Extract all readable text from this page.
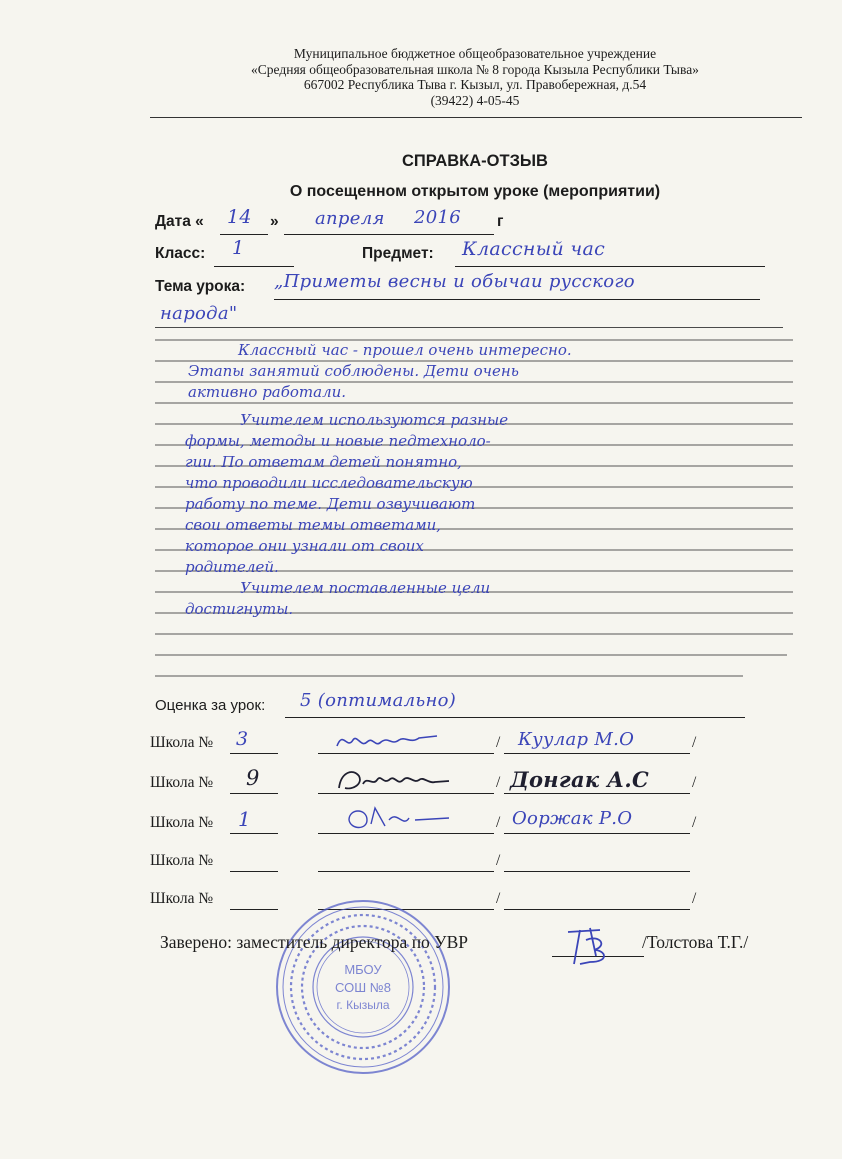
Муниципальное бюджетное общеобразовательное учреждение
«Средняя общеобразовательная школа № 8 города Кызыла Республики Тыва»
667002 Республика Тыва г. Кызыл, ул. Правобережная, д.54
(39422) 4-05-45
СПРАВКА-ОТЗЫВ
О посещенном открытом уроке (мероприятии)
Дата « 14 » апреля 2016 г
Класс: 1	Предмет: Классный час
Тема урока: „Приметы весны и обычаи русского
народа"
Классный час - прошел очень интересно.
Этапы занятий соблюдены. Дети очень
активно работали.
Учителем используются разные
формы, методы и новые педтехноло-
гии. По ответам детей понятно,
что проводили исследовательскую
работу по теме. Дети озвучивают
свои ответы темы ответами,
которое они узнали от своих
родителей.
Учителем поставленные цели
достигнуты.
Оценка за урок: 5 (оптимально)
Школа № 3	/ Куулар М.О	/
Школа № 9	/ Донгак А.С	/
Школа № 1	/ Ооржак Р.О	/
Школа №	/
Школа №	/	/
МБОУ
СОШ №8
г. Кызыла
Заверено: заместитель директора по УВР	/Толстова Т.Г./
